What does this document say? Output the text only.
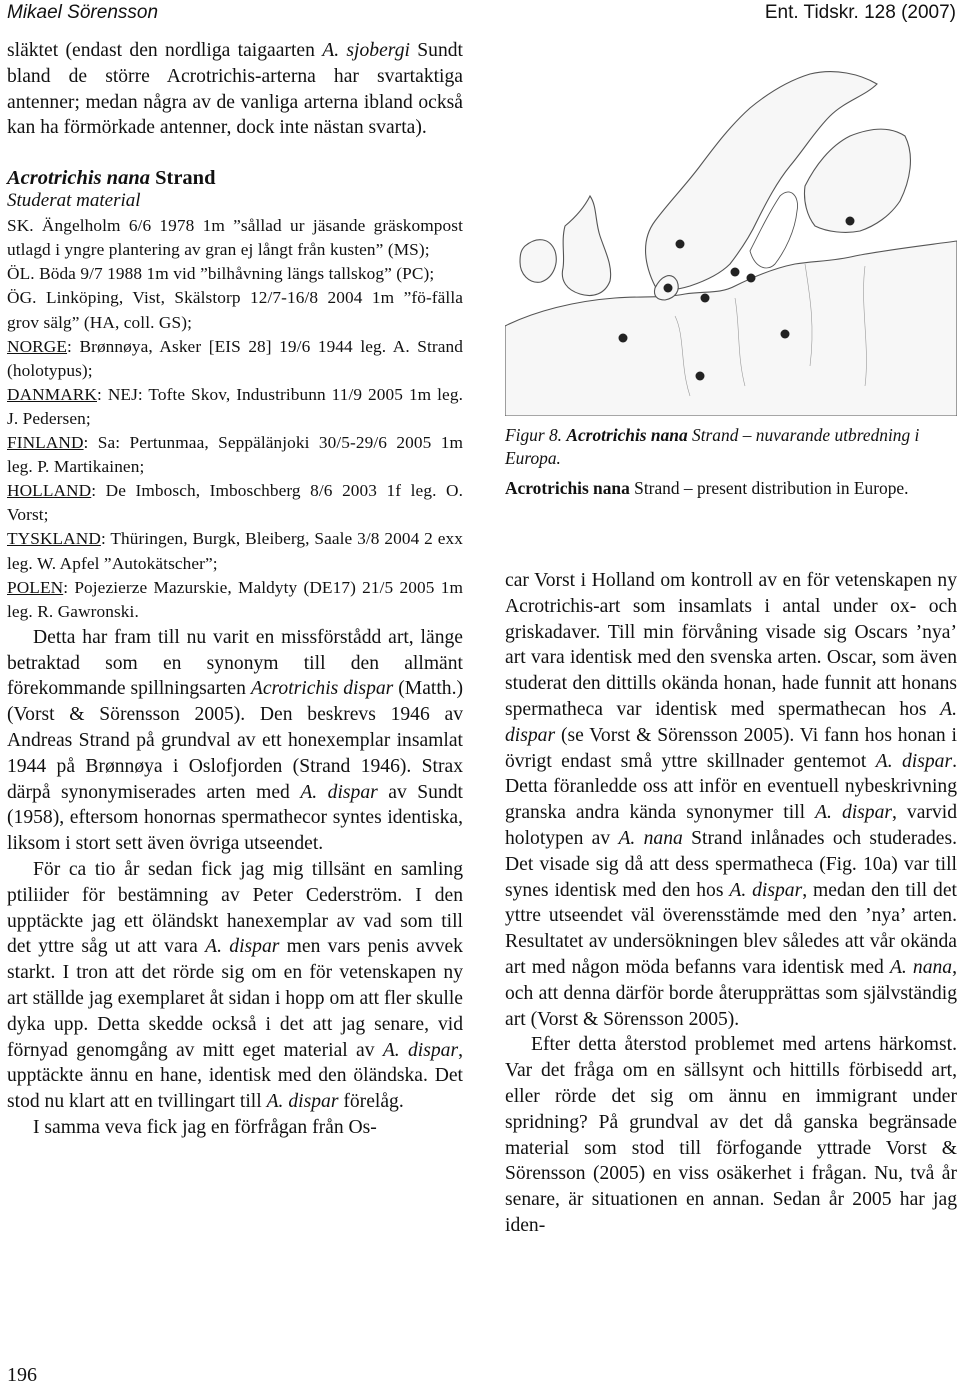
Mikael Sörensson	Ent. Tidskr. 128 (2007)

släktet (endast den nordliga taigaarten A. sjobergi Sundt bland de större Acrotrichis-arterna har svartaktiga antenner; medan några av de vanliga arterna ibland också kan ha förmörkade antenner, dock inte nästan svarta).

Acrotrichis nana Strand
Studerat material

SK. Ängelholm 6/6 1978 1m ”sållad ur jäsande gräskompost utlagd i yngre plantering av gran ej långt från kusten” (MS);

ÖL. Böda 9/7 1988 1m vid ”bilhåvning längs tallskog” (PC);

ÖG. Linköping, Vist, Skälstorp 12/7-16/8 2004 1m ”fö-fälla grov sälg” (HA, coll. GS);

NORGE: Brønnøya, Asker [EIS 28] 19/6 1944 leg. A. Strand (holotypus);

DANMARK: NEJ: Tofte Skov, Industribunn 11/9 2005 1m leg. J. Pedersen;

FINLAND: Sa: Pertunmaa, Seppälänjoki 30/5-29/6 2005 1m leg. P. Martikainen;

HOLLAND: De Imbosch, Imboschberg 8/6 2003 1f leg. O. Vorst;

TYSKLAND: Thüringen, Burgk, Bleiberg, Saale 3/8 2004 2 exx leg. W. Apfel ”Autokätscher”;

POLEN: Pojezierze Mazurskie, Maldyty (DE17) 21/5 2005 1m leg. R. Gawronski.

Detta har fram till nu varit en missförstådd art, länge betraktad som en synonym till den allmänt förekommande spillningsarten Acrotrichis dispar (Matth.) (Vorst & Sörensson 2005). Den beskrevs 1946 av Andreas Strand på grundval av ett honexemplar insamlat 1944 på Brønnøya i Oslofjorden (Strand 1946). Strax därpå synonymiserades arten med A. dispar av Sundt (1958), eftersom honornas spermathecor syntes identiska, liksom i stort sett även övriga utseendet.

För ca tio år sedan fick jag mig tillsänt en samling ptiliider för bestämning av Peter Cederström. I den upptäckte jag ett öländskt hanexemplar av vad som till det yttre såg ut att vara A. dispar men vars penis avvek starkt. I tron att det rörde sig om en för vetenskapen ny art ställde jag exemplaret åt sidan i hopp om att fler skulle dyka upp. Detta skedde också i det att jag senare, vid förnyad genomgång av mitt eget material av A. dispar, upptäckte ännu en hane, identisk med den öländska. Det stod nu klart att en tvillingart till A. dispar förelåg.

I samma veva fick jag en förfrågan från Os-

Figur 8. Acrotrichis nana Strand – nuvarande utbredning i Europa.

Acrotrichis nana Strand – present distribution in Europe.

car Vorst i Holland om kontroll av en för vetenskapen ny Acrotrichis-art som insamlats i antal under ox- och griskadaver. Till min förvåning visade sig Oscars ’nya’ art vara identisk med den svenska arten. Oscar, som även studerat den dittills okända honan, hade funnit att honans spermatheca var identisk med spermathecan hos A. dispar (se Vorst & Sörensson 2005). Vi fann hos honan i övrigt endast små yttre skillnader gentemot A. dispar. Detta föranledde oss att inför en eventuell nybeskrivning granska andra kända synonymer till A. dispar, varvid holotypen av A. nana Strand inlånades och studerades. Det visade sig då att dess spermatheca (Fig. 10a) var till synes identisk med den hos A. dispar, medan den till det yttre utseendet väl överensstämde med den ’nya’ arten. Resultatet av undersökningen blev således att vår okända art med någon möda befanns vara identisk med A. nana, och att denna därför borde återupprättas som självständig art (Vorst & Sörensson 2005).

Efter detta återstod problemet med artens härkomst. Var det fråga om en sällsynt och hittills förbisedd art, eller rörde det sig om ännu en immigrant under spridning? På grundval av det då ganska begränsade material som stod till förfogande yttrade Vorst & Sörensson (2005) en viss osäkerhet i frågan. Nu, två år senare, är situationen en annan. Sedan år 2005 har jag iden-

196
